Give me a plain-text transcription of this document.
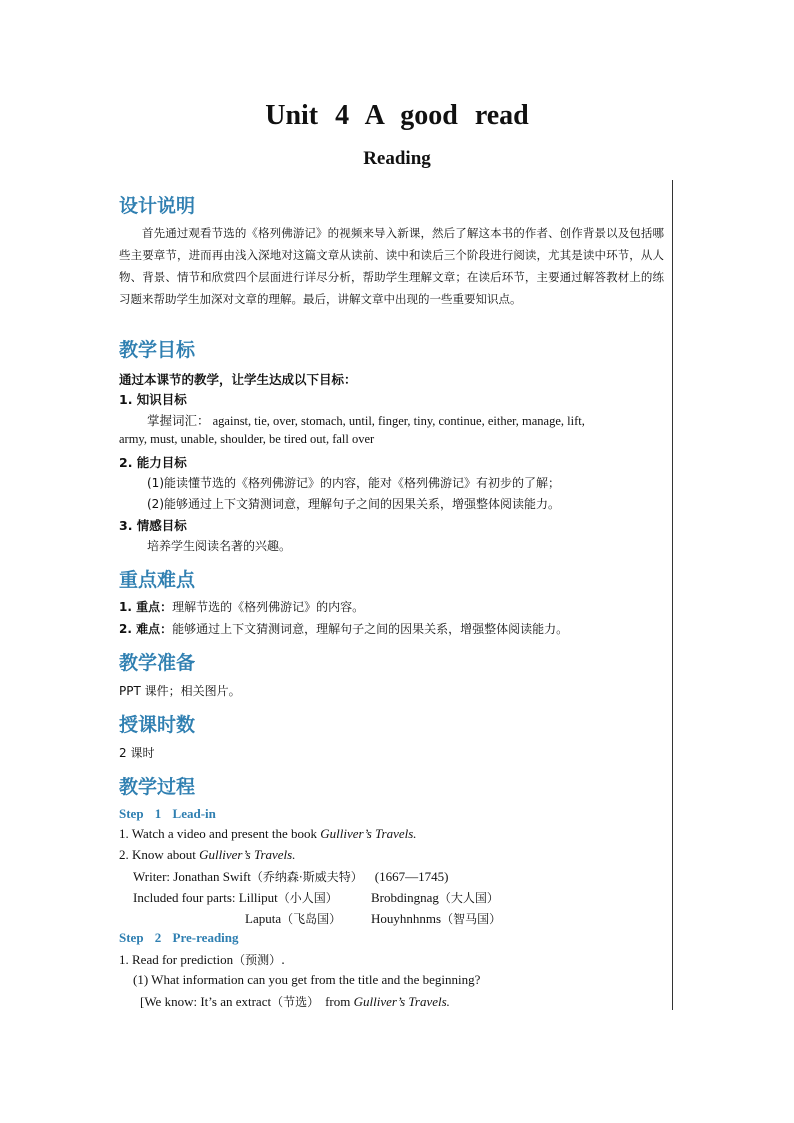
Unit 4 A good read
Reading
设计说明
首先通过观看节选的《格列佛游记》的视频来导入新课，然后了解这本书的作者、创作背景以及包括哪些主要章节，进而再由浅入深地对这篇文章从读前、读中和读后三个阶段进行阅读，尤其是读中环节，从人物、背景、情节和欣赏四个层面进行详尽分析，帮助学生理解文章；在读后环节，主要通过解答教材上的练习题来帮助学生加深对文章的理解。最后，讲解文章中出现的一些重要知识点。
教学目标
通过本课节的教学，让学生达成以下目标：
1. 知识目标
掌握词汇： against, tie, over, stomach, until, finger, tiny, continue, either, manage, lift,
army, must, unable, shoulder, be tired out, fall over
2. 能力目标
(1)能读懂节选的《格列佛游记》的内容，能对《格列佛游记》有初步的了解；
(2)能够通过上下文猜测词意，理解句子之间的因果关系，增强整体阅读能力。
3. 情感目标
培养学生阅读名著的兴趣。
重点难点
1. 重点：理解节选的《格列佛游记》的内容。
2. 难点：能够通过上下文猜测词意，理解句子之间的因果关系，增强整体阅读能力。
教学准备
PPT 课件；相关图片。
授课时数
2 课时
教学过程
Step 1 Lead-in
1. Watch a video and present the book Gulliver’s Travels.
2. Know about Gulliver’s Travels.
Writer: Jonathan Swift（乔纳森·斯威夫特） (1667—1745)
Included four parts: Lilliput（小人国）	Brobdingnag（大人国）
Laputa（飞岛国） Houyhnhnms（智马国）
Step 2 Pre-reading
1. Read for prediction（预测）.
(1) What information can you get from the title and the beginning?
[We know: It’s an extract（节选） from Gulliver’s Travels.
